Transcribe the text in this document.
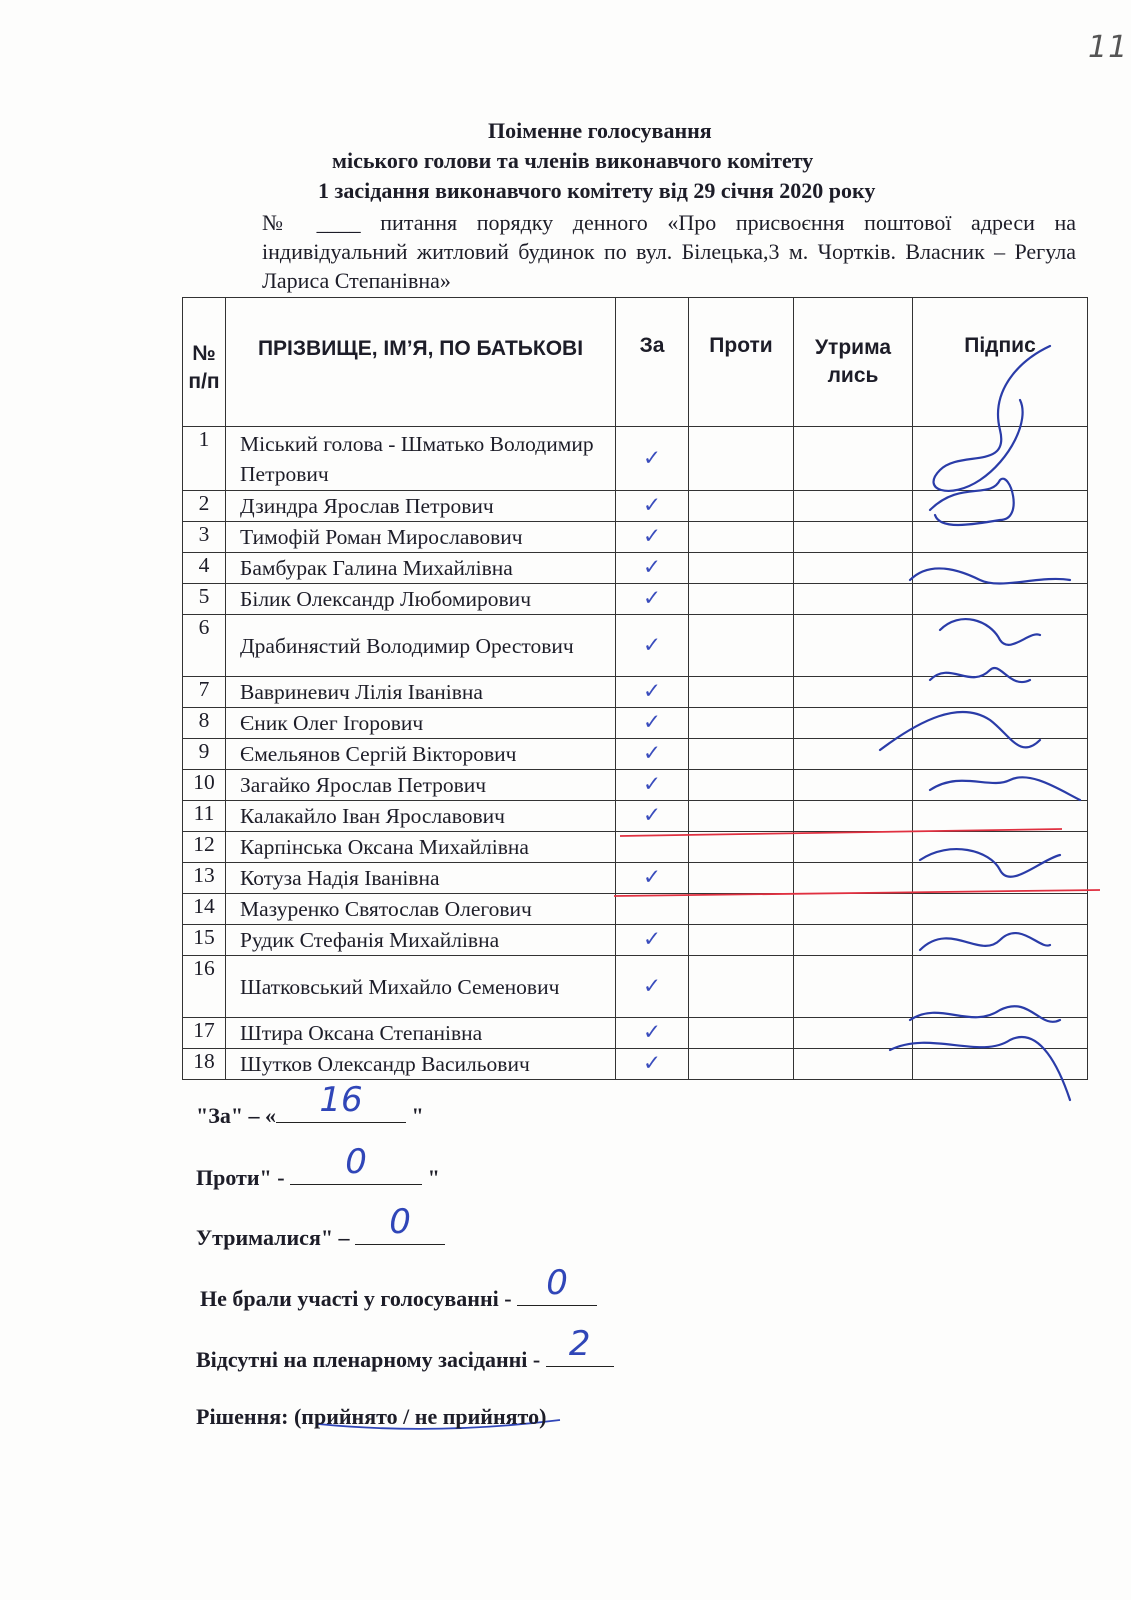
11
Поіменне голосування
міського голови та членів виконавчого комітету
1 засідання виконавчого комітету від 29 січня 2020 року
№ ____ питання порядку денного «Про присвоєння поштової адреси на індивідуальний житловий будинок по вул. Білецька,3 м. Чортків. Власник – Регула Лариса Степанівна»
№ п/п	ПРІЗВИЩЕ, ІМ’Я, ПО БАТЬКОВІ	За	Проти	Утрима лись	Підпис
1	Міський голова - Шматько Володимир Петрович	✓			
2	Дзиндра Ярослав Петрович	✓			
3	Тимофій Роман Мирославович	✓			
4	Бамбурак Галина Михайлівна	✓			
5	Білик Олександр Любомирович	✓			
6	Драбинястий Володимир Орестович	✓			
7	Вавриневич Лілія Іванівна	✓			
8	Єник Олег Ігорович	✓			
9	Ємельянов Сергій Вікторович	✓			
10	Загайко Ярослав Петрович	✓			
11	Калакайло Іван Ярославович	✓			
12	Карпінська Оксана Михайлівна				
13	Котуза Надія Іванівна	✓			
14	Мазуренко Святослав Олегович				
15	Рудик Стефанія Михайлівна	✓			
16	Шатковський Михайло Семенович	✓			
17	Штира Оксана Степанівна	✓			
18	Шутков Олександр Васильович	✓			
"За" – «	16	"
Проти" -	0	"
Утрималися" –	0
Не брали участі у голосуванні - 0
Відсутні на пленарному засіданні - 2
Рішення: (прийнято / не прийнято)
